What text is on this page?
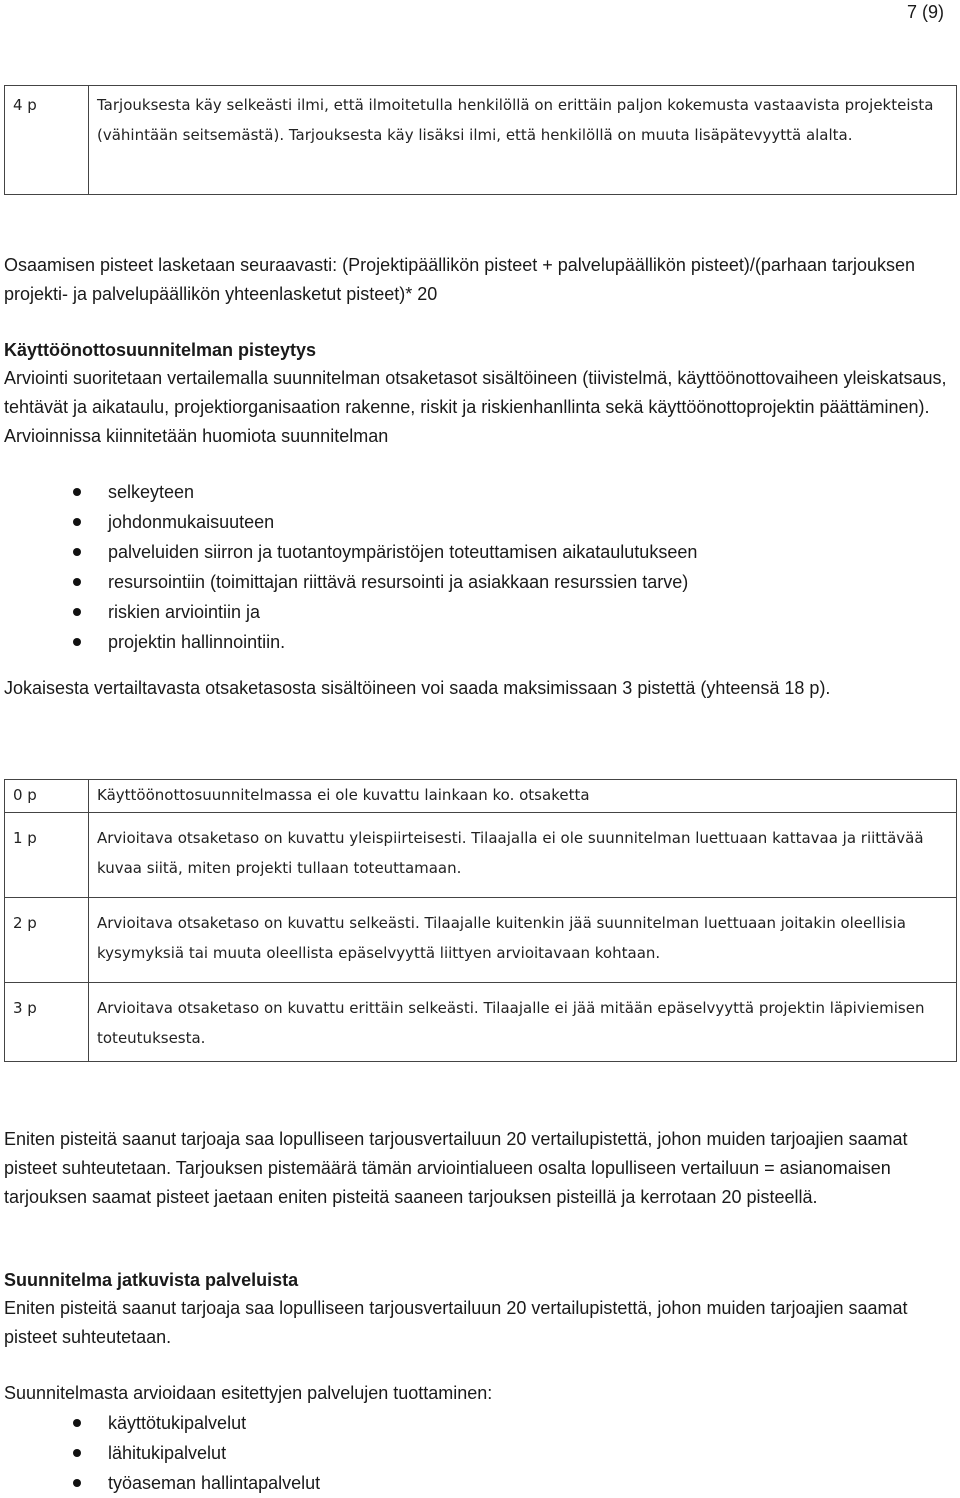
7 (9)
4 p	Tarjouksesta käy selkeästi ilmi, että ilmoitetulla henkilöllä on erittäin paljon kokemusta vastaavista projekteista (vähintään seitsemästä). Tarjouksesta käy lisäksi ilmi, että henkilöllä on muuta lisäpätevyyttä alalta.

Osaamisen pisteet lasketaan seuraavasti: (Projektipäällikön pisteet + palvelupäällikön pisteet)/(parhaan tarjouksen projekti- ja palvelupäällikön yhteenlasketut pisteet)* 20

Käyttöönottosuunnitelman pisteytys

Arviointi suoritetaan vertailemalla suunnitelman otsaketasot sisältöineen (tiivistelmä, käyttöönottovaiheen yleiskatsaus, tehtävät ja aikataulu, projektiorganisaation rakenne, riskit ja riskienhanllinta sekä käyttöönottoprojektin päättäminen). Arvioinnissa kiinnitetään huomiota suunnitelman

selkeyteen
johdonmukaisuuteen
palveluiden siirron ja tuotantoympäristöjen toteuttamisen aikataulutukseen
resursointiin (toimittajan riittävä resursointi ja asiakkaan resurssien tarve)
riskien arviointiin ja
projektin hallinnointiin.

Jokaisesta vertailtavasta otsaketasosta sisältöineen voi saada maksimissaan 3 pistettä (yhteensä 18 p).

0 p	Käyttöönottosuunnitelmassa ei ole kuvattu lainkaan ko. otsaketta
1 p	Arvioitava otsaketaso on kuvattu yleispiirteisesti. Tilaajalla ei ole suunnitelman luettuaan kattavaa ja riittävää kuvaa siitä, miten projekti tullaan toteuttamaan.
2 p	Arvioitava otsaketaso on kuvattu selkeästi. Tilaajalle kuitenkin jää suunnitelman luettuaan joitakin oleellisia kysymyksiä tai muuta oleellista epäselvyyttä liittyen arvioitavaan kohtaan.
3 p	Arvioitava otsaketaso on kuvattu erittäin selkeästi. Tilaajalle ei jää mitään epäselvyyttä projektin läpiviemisen toteutuksesta.

Eniten pisteitä saanut tarjoaja saa lopulliseen tarjousvertailuun 20 vertailupistettä, johon muiden tarjoajien saamat pisteet suhteutetaan. Tarjouksen pistemäärä tämän arviointialueen osalta lopulliseen vertailuun = asianomaisen tarjouksen saamat pisteet jaetaan eniten pisteitä saaneen tarjouksen pisteillä ja kerrotaan 20 pisteellä.

Suunnitelma jatkuvista palveluista

Eniten pisteitä saanut tarjoaja saa lopulliseen tarjousvertailuun 20 vertailupistettä, johon muiden tarjoajien saamat pisteet suhteutetaan.

Suunnitelmasta arvioidaan esitettyjen palvelujen tuottaminen:

käyttötukipalvelut
lähitukipalvelut
työaseman hallintapalvelut
